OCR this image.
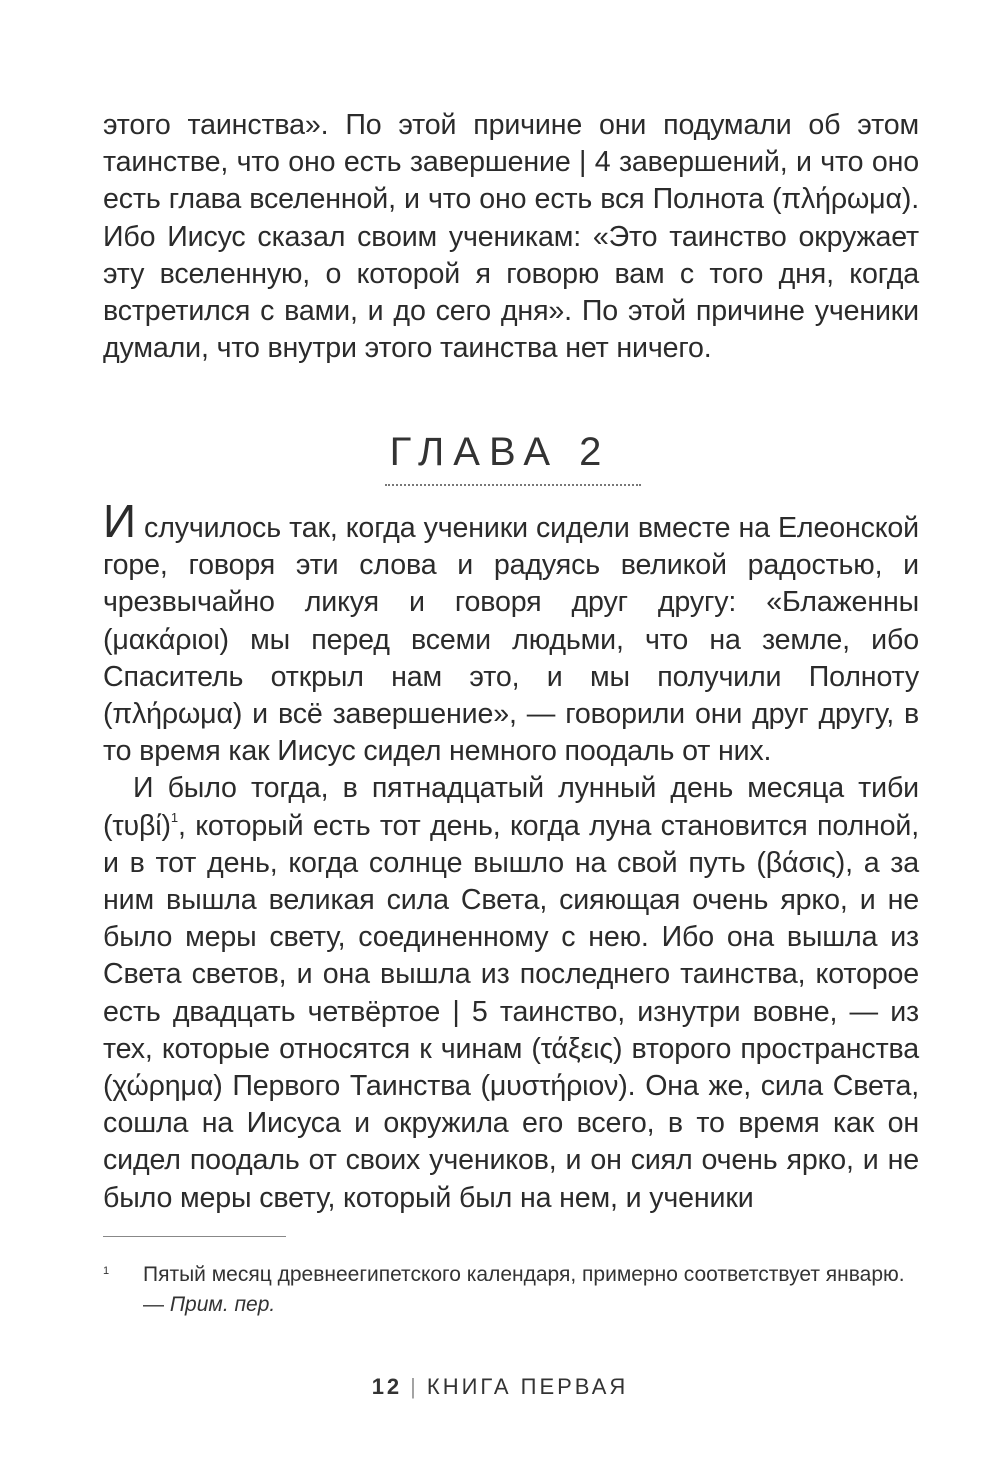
этого таинства». По этой причине они подумали об этом таинстве, что оно есть завершение | 4 завершений, и что оно есть глава вселенной, и что оно есть вся Полнота (πλήρωμα). Ибо Иисус сказал своим ученикам: «Это таинство окружает эту вселенную, о которой я говорю вам с того дня, когда встретился с вами, и до сего дня». По этой причине ученики думали, что внутри этого таинства нет ничего.

ГЛАВА 2

И случилось так, когда ученики сидели вместе на Елеонской горе, говоря эти слова и радуясь великой радостью, и чрезвычайно ликуя и говоря друг другу: «Блаженны (μακάριοι) мы перед всеми людьми, что на земле, ибо Спаситель открыл нам это, и мы получили Полноту (πλήρωμα) и всё завершение», — говорили они друг другу, в то время как Иисус сидел немного поодаль от них.

И было тогда, в пятнадцатый лунный день месяца тиби $(\tau\upsilon\beta ί)^1$, который есть тот день, когда луна становится полной, и в тот день, когда солнце вышло на свой путь (βάσις), а за ним вышла великая сила Света, сияющая очень ярко, и не было меры свету, соединенному с нею. Ибо она вышла из Света светов, и она вышла из последнего таинства, которое есть двадцать четвёртое | 5 таинство, изнутри вовне, — из тех, которые относятся к чинам (τάξεις) второго пространства (χώρημα) Первого Таинства (μυστήριον). Она же, сила Света, сошла на Иисуса и окружила его всего, в то время как он сидел поодаль от своих учеников, и он сиял очень ярко, и не было меры свету, который был на нем, и ученики

1 Пятый месяц древнеегипетского календаря, примерно соответствует январю. — Прим. пер.
12 | КНИГА ПЕРВАЯ
